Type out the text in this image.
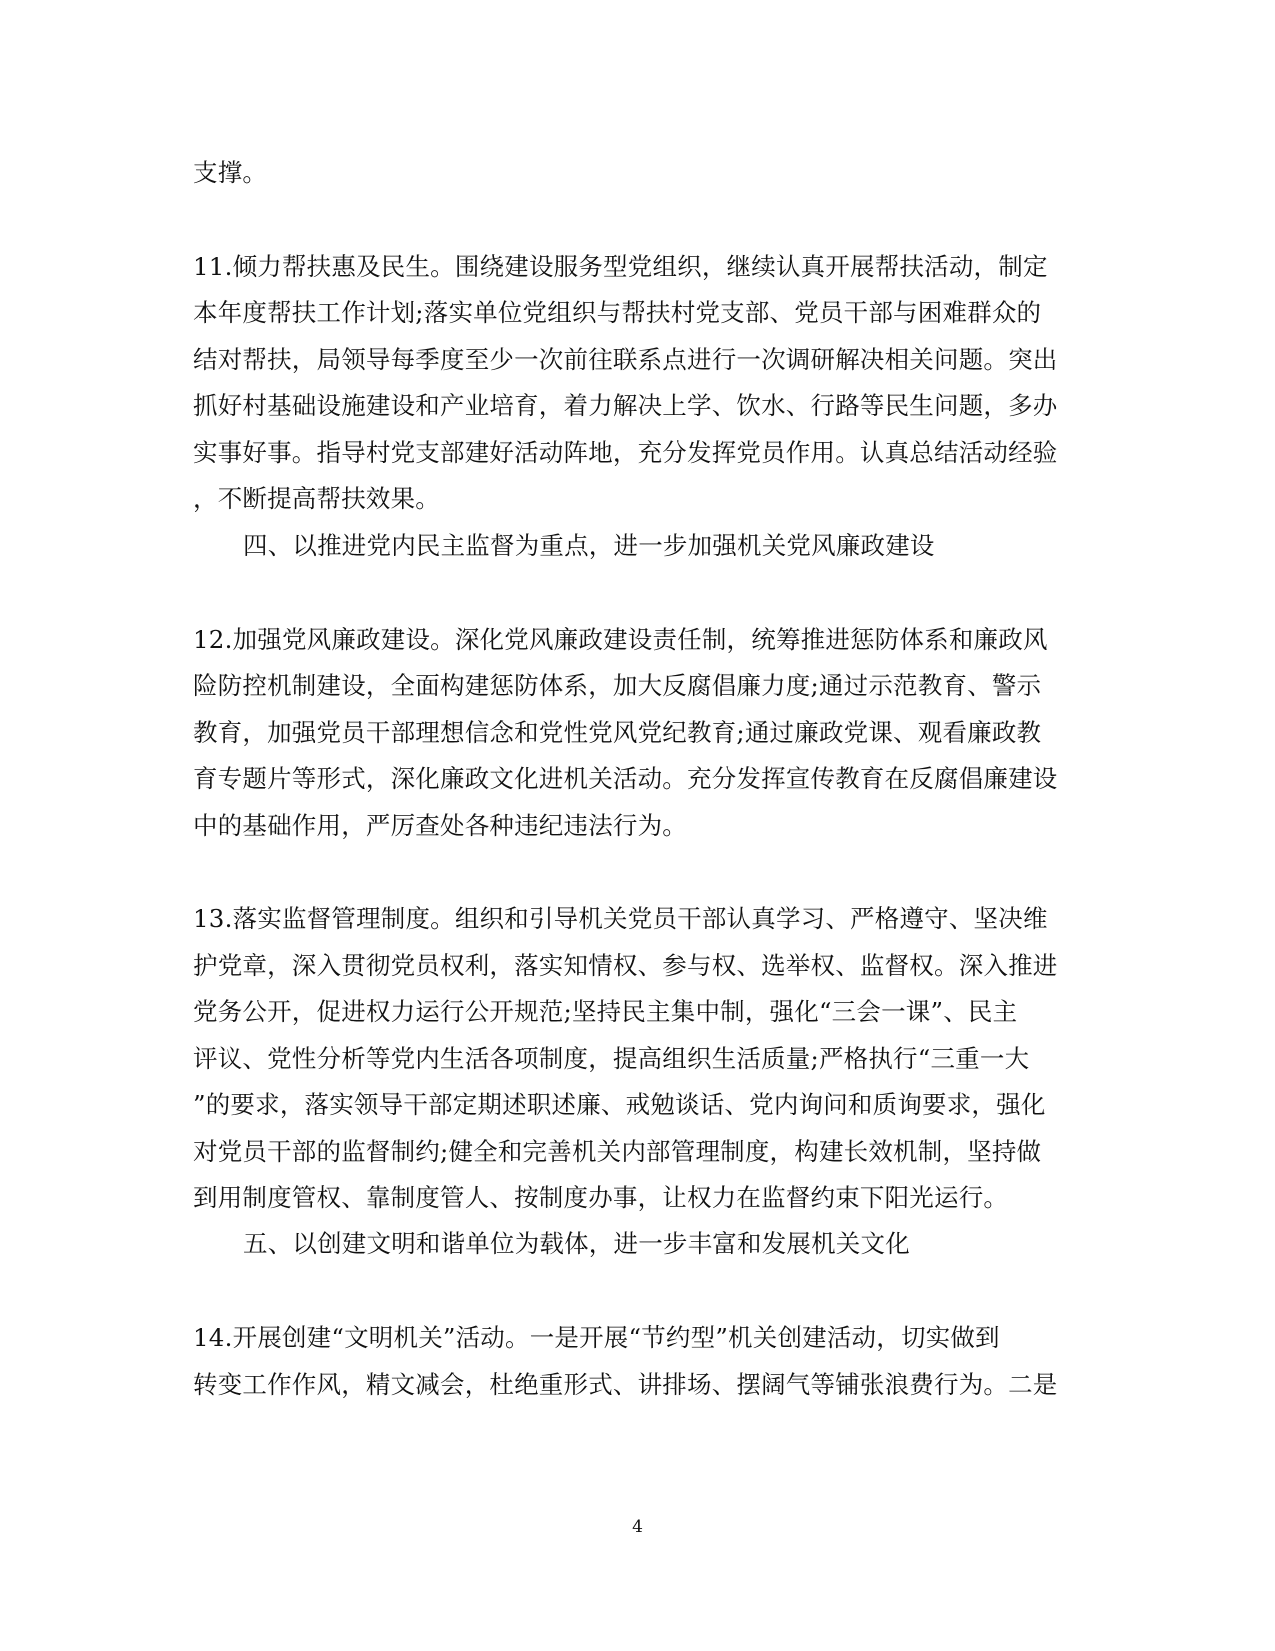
支撑。
11.倾力帮扶惠及民生。围绕建设服务型党组织，继续认真开展帮扶活动，制定
本年度帮扶工作计划;落实单位党组织与帮扶村党支部、党员干部与困难群众的
结对帮扶，局领导每季度至少一次前往联系点进行一次调研解决相关问题。突出
抓好村基础设施建设和产业培育，着力解决上学、饮水、行路等民生问题，多办
实事好事。指导村党支部建好活动阵地，充分发挥党员作用。认真总结活动经验
，不断提高帮扶效果。
四、以推进党内民主监督为重点，进一步加强机关党风廉政建设
12.加强党风廉政建设。深化党风廉政建设责任制，统筹推进惩防体系和廉政风
险防控机制建设，全面构建惩防体系，加大反腐倡廉力度;通过示范教育、警示
教育，加强党员干部理想信念和党性党风党纪教育;通过廉政党课、观看廉政教
育专题片等形式，深化廉政文化进机关活动。充分发挥宣传教育在反腐倡廉建设
中的基础作用，严厉查处各种违纪违法行为。
13.落实监督管理制度。组织和引导机关党员干部认真学习、严格遵守、坚决维
护党章，深入贯彻党员权利，落实知情权、参与权、选举权、监督权。深入推进
党务公开，促进权力运行公开规范;坚持民主集中制，强化“三会一课”、民主
评议、党性分析等党内生活各项制度，提高组织生活质量;严格执行“三重一大
”的要求，落实领导干部定期述职述廉、戒勉谈话、党内询问和质询要求，强化
对党员干部的监督制约;健全和完善机关内部管理制度，构建长效机制，坚持做
到用制度管权、靠制度管人、按制度办事，让权力在监督约束下阳光运行。
五、以创建文明和谐单位为载体，进一步丰富和发展机关文化
14.开展创建“文明机关”活动。一是开展“节约型”机关创建活动，切实做到
转变工作作风，精文减会，杜绝重形式、讲排场、摆阔气等铺张浪费行为。二是
4
